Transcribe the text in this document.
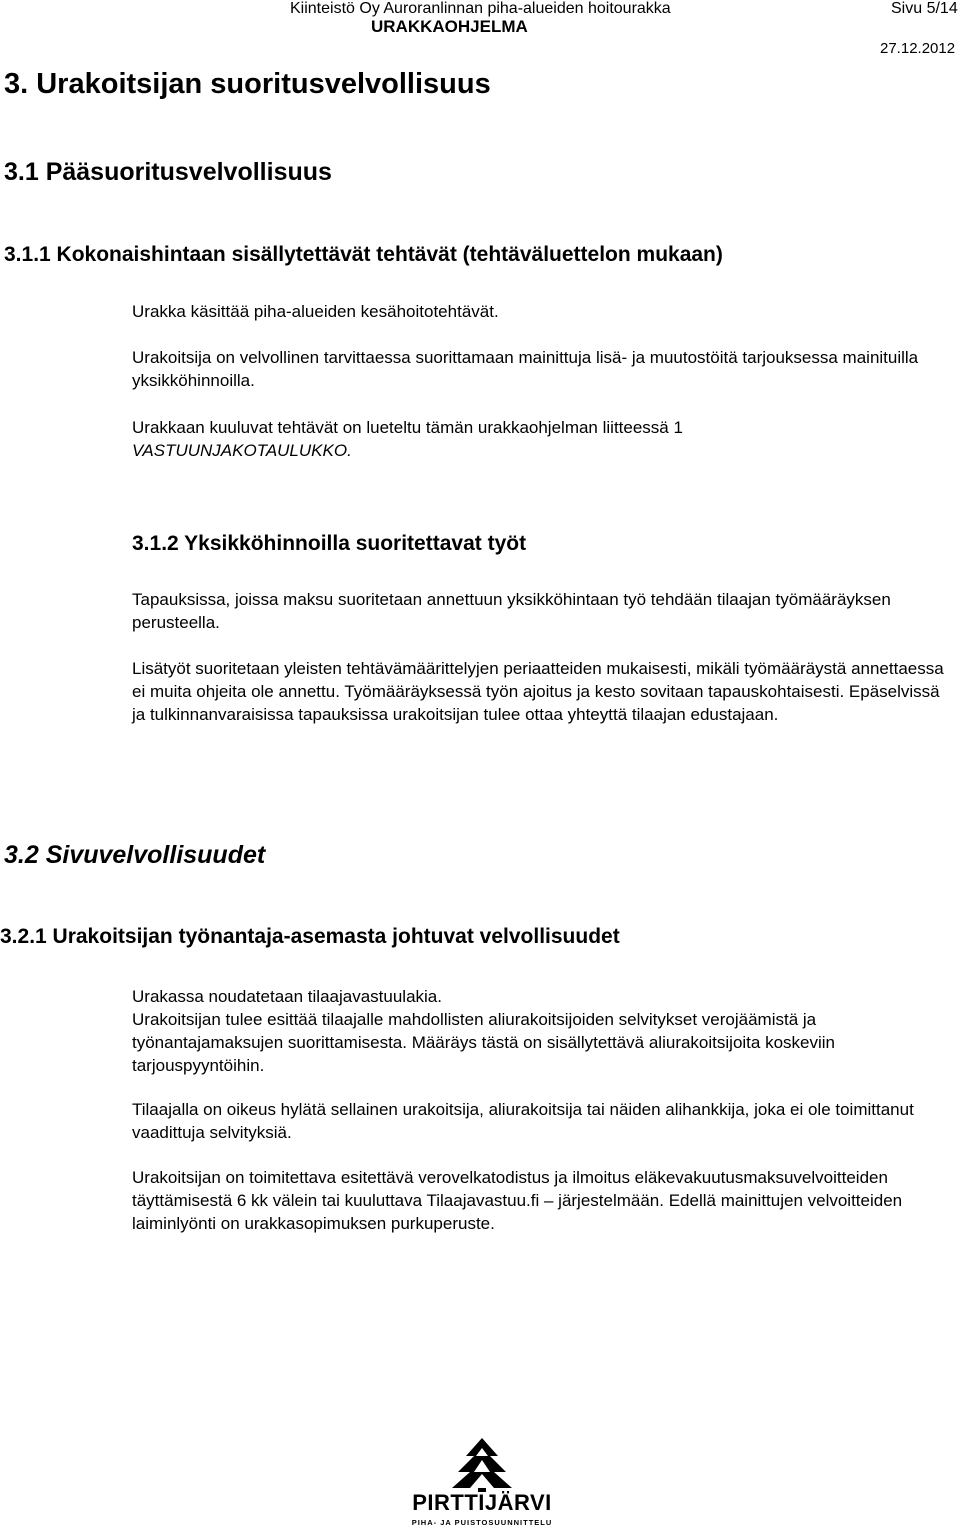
Kiinteistö Oy Auroranlinnan piha-alueiden hoitourakka	Sivu 5/14
URAKKAOHJELMA
27.12.2012
3. Urakoitsijan suoritusvelvollisuus
3.1 Pääsuoritusvelvollisuus
3.1.1 Kokonaishintaan sisällytettävät tehtävät (tehtäväluettelon mukaan)

Urakka käsittää piha-alueiden kesähoitotehtävät.

Urakoitsija on velvollinen tarvittaessa suorittamaan mainittuja lisä- ja muutostöitä tarjouksessa mainituilla yksikköhinnoilla.

Urakkaan kuuluvat tehtävät on lueteltu tämän urakkaohjelman liitteessä 1

VASTUUNJAKOTAULUKKO.

3.1.2 Yksikköhinnoilla suoritettavat työt

Tapauksissa, joissa maksu suoritetaan annettuun yksikköhintaan työ tehdään tilaajan työmääräyksen perusteella.

Lisätyöt suoritetaan yleisten tehtävämäärittelyjen periaatteiden mukaisesti, mikäli työmääräystä annettaessa ei muita ohjeita ole annettu. Työmääräyksessä työn ajoitus ja kesto sovitaan tapauskohtaisesti. Epäselvissä ja tulkinnanvaraisissa tapauksissa urakoitsijan tulee ottaa yhteyttä tilaajan edustajaan.

3.2 Sivuvelvollisuudet
3.2.1 Urakoitsijan työnantaja-asemasta johtuvat velvollisuudet

Urakassa noudatetaan tilaajavastuulakia.

Urakoitsijan tulee esittää tilaajalle mahdollisten aliurakoitsijoiden selvitykset verojäämistä ja työnantajamaksujen suorittamisesta. Määräys tästä on sisällytettävä aliurakoitsijoita koskeviin tarjouspyyntöihin.

Tilaajalla on oikeus hylätä sellainen urakoitsija, aliurakoitsija tai näiden alihankkija, joka ei ole toimittanut vaadittuja selvityksiä.

Urakoitsijan on toimitettava esitettävä verovelkatodistus ja ilmoitus eläkevakuutusmaksuvelvoitteiden täyttämisestä 6 kk välein tai kuuluttava Tilaajavastuu.fi – järjestelmään. Edellä mainittujen velvoitteiden laiminlyönti on urakkasopimuksen purkuperuste.

PIRTTIJÄRVI
PIHA- JA PUISTOSUUNNITTELU
